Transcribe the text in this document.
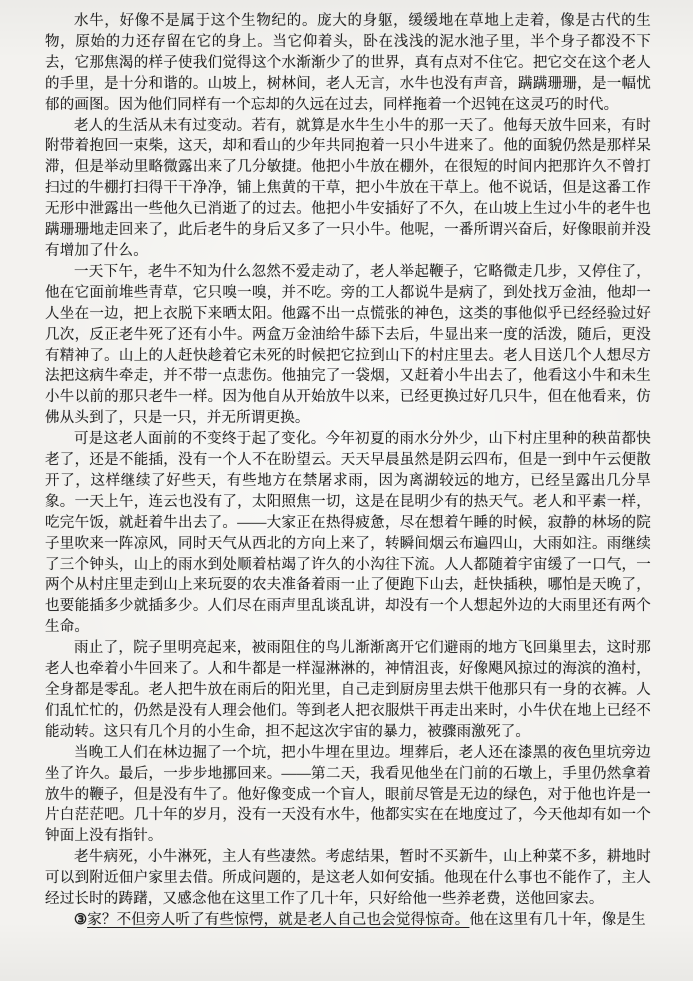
水牛，好像不是属于这个生物纪的。庞大的身躯，缓缓地在草地上走着，像是古代的生物，原始的力还存留在它的身上。当它仰着头，卧在浅浅的泥水池子里，半个身子都没不下去，它那焦渴的样子使我们觉得这个水渐渐少了的世界，真有点对不住它。把它交在这个老人的手里，是十分和谐的。山坡上，树林间，老人无言，水牛也没有声音，蹒蹒珊珊，是一幅忧郁的画图。因为他们同样有一个忘却的久远在过去，同样拖着一个迟钝在这灵巧的时代。

老人的生活从未有过变动。若有，就算是水牛生小牛的那一天了。他每天放牛回来，有时附带着抱回一束柴，这天，却和看山的少年共同抱着一只小牛进来了。他的面貌仍然是那样呆滞，但是举动里略微露出来了几分敏捷。他把小牛放在棚外，在很短的时间内把那许久不曾打扫过的牛棚打扫得干干净净，铺上焦黄的干草，把小牛放在干草上。他不说话，但是这番工作无形中泄露出一些他久已消逝了的过去。他把小牛安插好了不久，在山坡上生过小牛的老牛也蹒珊珊地走回来了，此后老牛的身后又多了一只小牛。他呢，一番所谓兴奋后，好像眼前并没有增加了什么。

一天下午，老牛不知为什么忽然不爱走动了，老人举起鞭子，它略微走几步，又停住了，他在它面前堆些青草，它只嗅一嗅，并不吃。旁的工人都说牛是病了，到处找万金油，他却一人坐在一边，把上衣脱下来晒太阳。他露不出一点慌张的神色，这类的事他似乎已经经验过好几次，反正老牛死了还有小牛。两盒万金油给牛舔下去后，牛显出来一度的活泼，随后，更没有精神了。山上的人赶快趁着它未死的时候把它拉到山下的村庄里去。老人目送几个人想尽方法把这病牛牵走，并不带一点悲伤。他抽完了一袋烟，又赶着小牛出去了，他看这小牛和未生小牛以前的那只老牛一样。因为他自从开始放牛以来，已经更换过好几只牛，但在他看来，仿佛从头到了，只是一只，并无所谓更换。

可是这老人面前的不变终于起了变化。今年初夏的雨水分外少，山下村庄里种的秧苗都快老了，还是不能插，没有一个人不在盼望云。天天早晨虽然是阴云四布，但是一到中午云便散开了，这样继续了好些天，有些地方在禁屠求雨，因为离湖较远的地方，已经呈露出几分旱象。一天上午，连云也没有了，太阳照焦一切，这是在昆明少有的热天气。老人和平素一样，吃完午饭，就赶着牛出去了。——大家正在热得疲惫，尽在想着午睡的时候，寂静的林场的院子里吹来一阵凉风，同时天气从西北的方向上来了，转瞬间烟云布遍四山，大雨如注。雨继续了三个钟头，山上的雨水到处顺着枯竭了许久的小沟往下流。人人都随着宇宙缓了一口气，一两个从村庄里走到山上来玩耍的农夫准备着雨一止了便跑下山去，赶快插秧，哪怕是天晚了，也要能插多少就插多少。人们尽在雨声里乱谈乱讲，却没有一个人想起外边的大雨里还有两个生命。

雨止了，院子里明亮起来，被雨阻住的鸟儿渐渐离开它们避雨的地方飞回巢里去，这时那老人也牵着小牛回来了。人和牛都是一样湿淋淋的，神情沮丧，好像飓风掠过的海滨的渔村，全身都是零乱。老人把牛放在雨后的阳光里，自己走到厨房里去烘干他那只有一身的衣裤。人们乱忙忙的，仍然是没有人理会他们。等到老人把衣服烘干再走出来时，小牛伏在地上已经不能动转。这只有几个月的小生命，担不起这次宇宙的暴力，被骤雨激死了。

当晚工人们在林边掘了一个坑，把小牛埋在里边。埋葬后，老人还在漆黑的夜色里坑旁边坐了许久。最后，一步步地挪回来。——第二天，我看见他坐在门前的石墩上，手里仍然拿着放牛的鞭子，但是没有牛了。他好像变成一个盲人，眼前尽管是无边的绿色，对于他也许是一片白茫茫吧。几十年的岁月，没有一天没有水牛，他都实实在在地度过了，今天他却有如一个钟面上没有指针。

老牛病死，小牛淋死，主人有些凄然。考虑结果，暂时不买新牛，山上种菜不多，耕地时可以到附近佃户家里去借。所成问题的，是这老人如何安插。他现在什么事也不能作了，主人经过长时的踌躇，又感念他在这里工作了几十年，只好给他一些养老费，送他回家去。

③家？不但旁人听了有些惊愕，就是老人自己也会觉得惊奇。他在这里有几十年，像是生
